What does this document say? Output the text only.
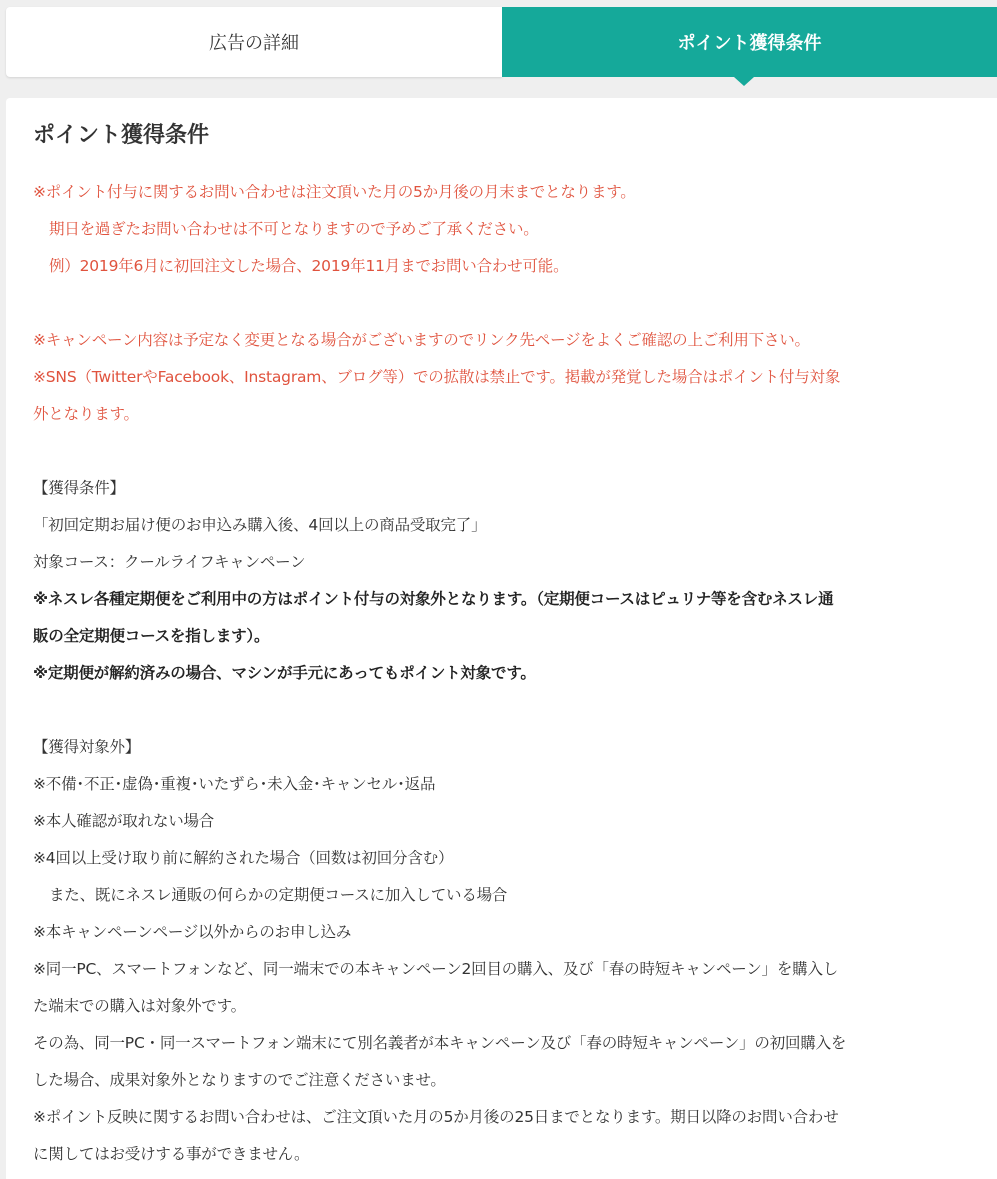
広告の詳細	ポイント獲得条件
ポイント獲得条件
※ポイント付与に関するお問い合わせは注文頂いた月の5か月後の月末までとなります。
期日を過ぎたお問い合わせは不可となりますので予めご了承ください。
例）2019年6月に初回注文した場合、2019年11月までお問い合わせ可能。
※キャンペーン内容は予定なく変更となる場合がございますのでリンク先ページをよくご確認の上ご利用下さい。
※SNS（TwitterやFacebook、Instagram、ブログ等）での拡散は禁止です。掲載が発覚した場合はポイント付与対象
外となります。
【獲得条件】
「初回定期お届け便のお申込み購入後、4回以上の商品受取完了」
対象コース：クールライフキャンペーン
※ネスレ各種定期便をご利用中の方はポイント付与の対象外となります。（定期便コースはピュリナ等を含むネスレ通
販の全定期便コースを指します）。
※定期便が解約済みの場合、マシンが手元にあってもポイント対象です。
【獲得対象外】
※不備･不正･虚偽･重複･いたずら･未入金･キャンセル･返品
※本人確認が取れない場合
※4回以上受け取り前に解約された場合（回数は初回分含む）
また、既にネスレ通販の何らかの定期便コースに加入している場合
※本キャンペーンページ以外からのお申し込み
※同一PC、スマートフォンなど、同一端末での本キャンペーン2回目の購入、及び「春の時短キャンペーン」を購入し
た端末での購入は対象外です。
その為、同一PC・同一スマートフォン端末にて別名義者が本キャンペーン及び「春の時短キャンペーン」の初回購入を
した場合、成果対象外となりますのでご注意くださいませ。
※ポイント反映に関するお問い合わせは、ご注文頂いた月の5か月後の25日までとなります。期日以降のお問い合わせ
に関してはお受けする事ができません。
